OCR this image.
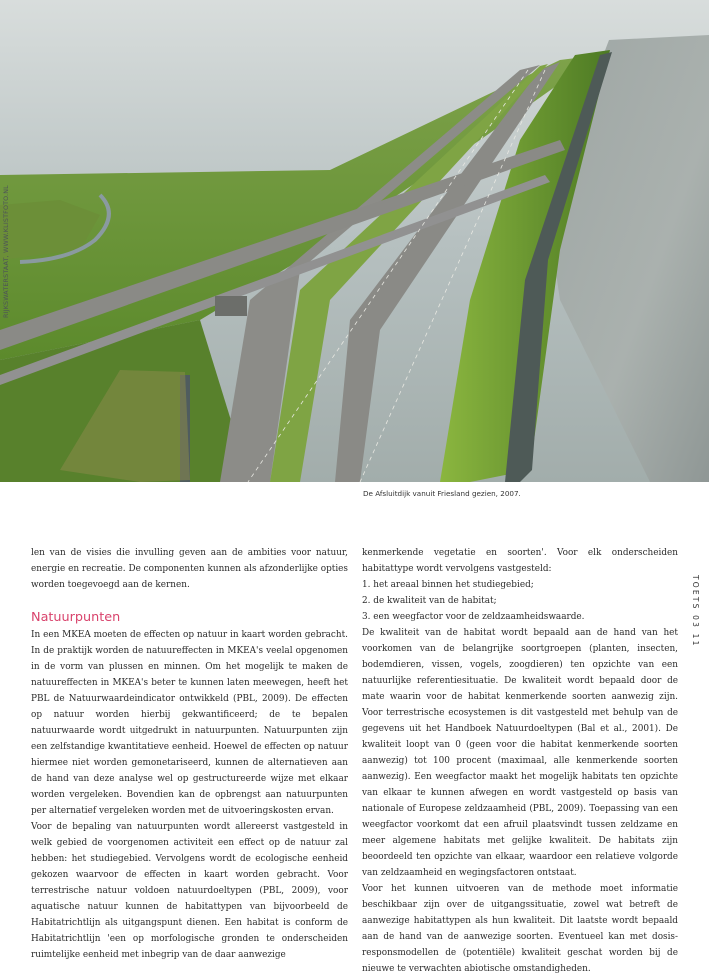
RIJKSWATERSTAAT, WWW.KLISTFOTO.NL
De Afsluitdijk vanuit Friesland gezien, 2007.
TOETS 03 11

len van de visies die invulling geven aan de ambities voor natuur, energie en recreatie. De componenten kunnen als afzonderlijke opties worden toegevoegd aan de kernen.

Natuurpunten

In een MKEA moeten de effecten op natuur in kaart worden gebracht. In de praktijk worden de natuureffecten in MKEA's veelal opgenomen in de vorm van plussen en minnen. Om het mogelijk te maken de natuureffecten in MKEA's beter te kunnen laten meewegen, heeft het PBL de Natuurwaardeindicator ontwikkeld (PBL, 2009). De effecten op natuur worden hierbij gekwantificeerd; de te bepalen natuurwaarde wordt uitgedrukt in natuurpunten. Natuurpunten zijn een zelfstandige kwantitatieve eenheid. Hoewel de effecten op natuur hiermee niet worden gemonetariseerd, kunnen de alternatieven aan de hand van deze analyse wel op gestructureerde wijze met elkaar worden vergeleken. Bovendien kan de opbrengst aan natuurpunten per alternatief vergeleken worden met de uitvoeringskosten ervan.

Voor de bepaling van natuurpunten wordt allereerst vastgesteld in welk gebied de voorgenomen activiteit een effect op de natuur zal hebben: het studiegebied. Vervolgens wordt de ecologische eenheid gekozen waarvoor de effecten in kaart worden gebracht. Voor terrestrische natuur voldoen natuurdoeltypen (PBL, 2009), voor aquatische natuur kunnen de habitattypen van bijvoorbeeld de Habitatrichtlijn als uitgangspunt dienen. Een habitat is conform de Habitatrichtlijn 'een op morfologische gronden te onderscheiden ruimtelijke eenheid met inbegrip van de daar aanwezige

kenmerkende vegetatie en soorten'. Voor elk onderscheiden habitattype wordt vervolgens vastgesteld:

1. het areaal binnen het studiegebied;
2. de kwaliteit van de habitat;
3. een weegfactor voor de zeldzaamheidswaarde.

De kwaliteit van de habitat wordt bepaald aan de hand van het voorkomen van de belangrijke soortgroepen (planten, insecten, bodemdieren, vissen, vogels, zoogdieren) ten opzichte van een natuurlijke referentiesituatie. De kwaliteit wordt bepaald door de mate waarin voor de habitat kenmerkende soorten aanwezig zijn. Voor terrestrische ecosystemen is dit vastgesteld met behulp van de gegevens uit het Handboek Natuurdoeltypen (Bal et al., 2001). De kwaliteit loopt van 0 (geen voor die habitat kenmerkende soorten aanwezig) tot 100 procent (maximaal, alle kenmerkende soorten aanwezig). Een weegfactor maakt het mogelijk habitats ten opzichte van elkaar te kunnen afwegen en wordt vastgesteld op basis van nationale of Europese zeldzaamheid (PBL, 2009). Toepassing van een weegfactor voorkomt dat een afruil plaatsvindt tussen zeldzame en meer algemene habitats met gelijke kwaliteit. De habitats zijn beoordeeld ten opzichte van elkaar, waardoor een relatieve volgorde van zeldzaamheid en wegingsfactoren ontstaat.

Voor het kunnen uitvoeren van de methode moet informatie beschikbaar zijn over de uitgangssituatie, zowel wat betreft de aanwezige habitattypen als hun kwaliteit. Dit laatste wordt bepaald aan de hand van de aanwezige soorten. Eventueel kan met dosis-responsmodellen de (potentiële) kwaliteit geschat worden bij de nieuwe te verwachten abiotische omstandigheden.
